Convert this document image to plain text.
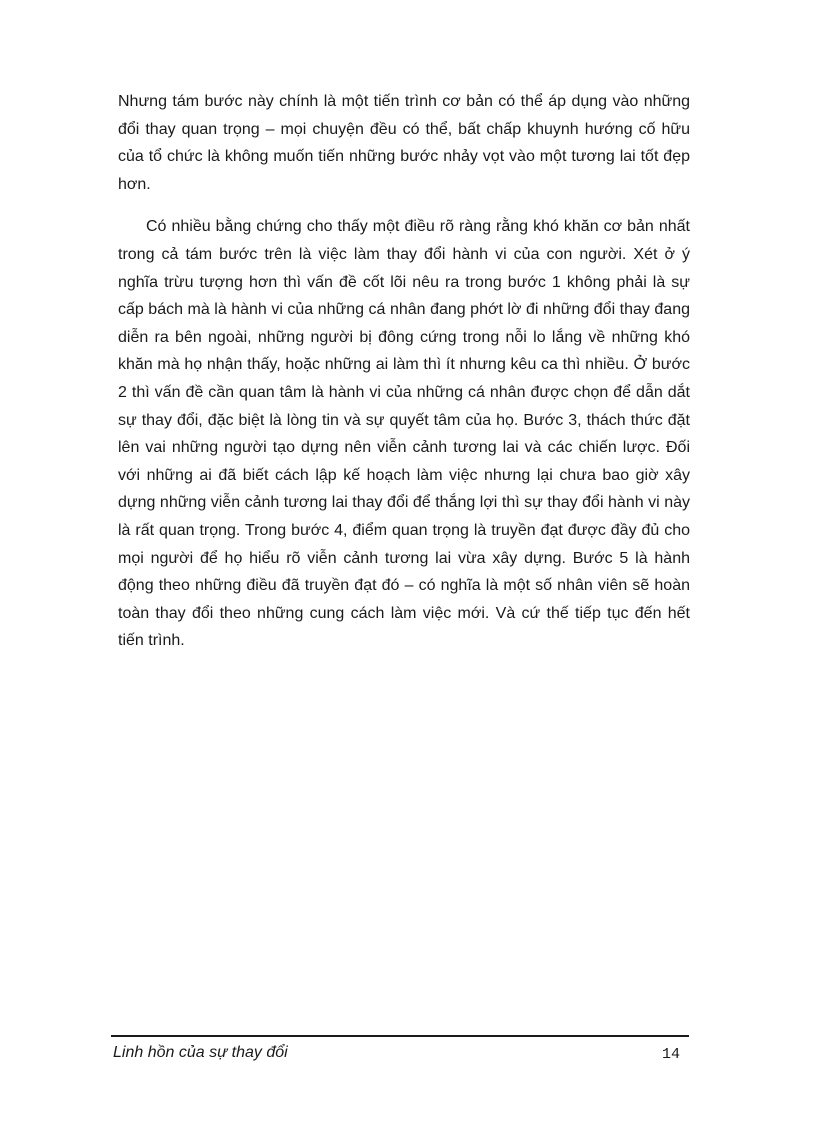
Nhưng tám bước này chính là một tiến trình cơ bản có thể áp dụng vào những đổi thay quan trọng – mọi chuyện đều có thể, bất chấp khuynh hướng cố hữu của tổ chức là không muốn tiến những bước nhảy vọt vào một tương lai tốt đẹp hơn.

Có nhiều bằng chứng cho thấy một điều rõ ràng rằng khó khăn cơ bản nhất trong cả tám bước trên là việc làm thay đổi hành vi của con người. Xét ở ý nghĩa trừu tượng hơn thì vấn đề cốt lõi nêu ra trong bước 1 không phải là sự cấp bách mà là hành vi của những cá nhân đang phớt lờ đi những đổi thay đang diễn ra bên ngoài, những người bị đông cứng trong nỗi lo lắng về những khó khăn mà họ nhận thấy, hoặc những ai làm thì ít nhưng kêu ca thì nhiều. Ở bước 2 thì vấn đề cần quan tâm là hành vi của những cá nhân được chọn để dẫn dắt sự thay đổi, đặc biệt là lòng tin và sự quyết tâm của họ. Bước 3, thách thức đặt lên vai những người tạo dựng nên viễn cảnh tương lai và các chiến lược. Đối với những ai đã biết cách lập kế hoạch làm việc nhưng lại chưa bao giờ xây dựng những viễn cảnh tương lai thay đổi để thắng lợi thì sự thay đổi hành vi này là rất quan trọng. Trong bước 4, điểm quan trọng là truyền đạt được đầy đủ cho mọi người để họ hiểu rõ viễn cảnh tương lai vừa xây dựng. Bước 5 là hành động theo những điều đã truyền đạt đó – có nghĩa là một số nhân viên sẽ hoàn toàn thay đổi theo những cung cách làm việc mới. Và cứ thế tiếp tục đến hết tiến trình.

Linh hồn của sự thay đổi	14
